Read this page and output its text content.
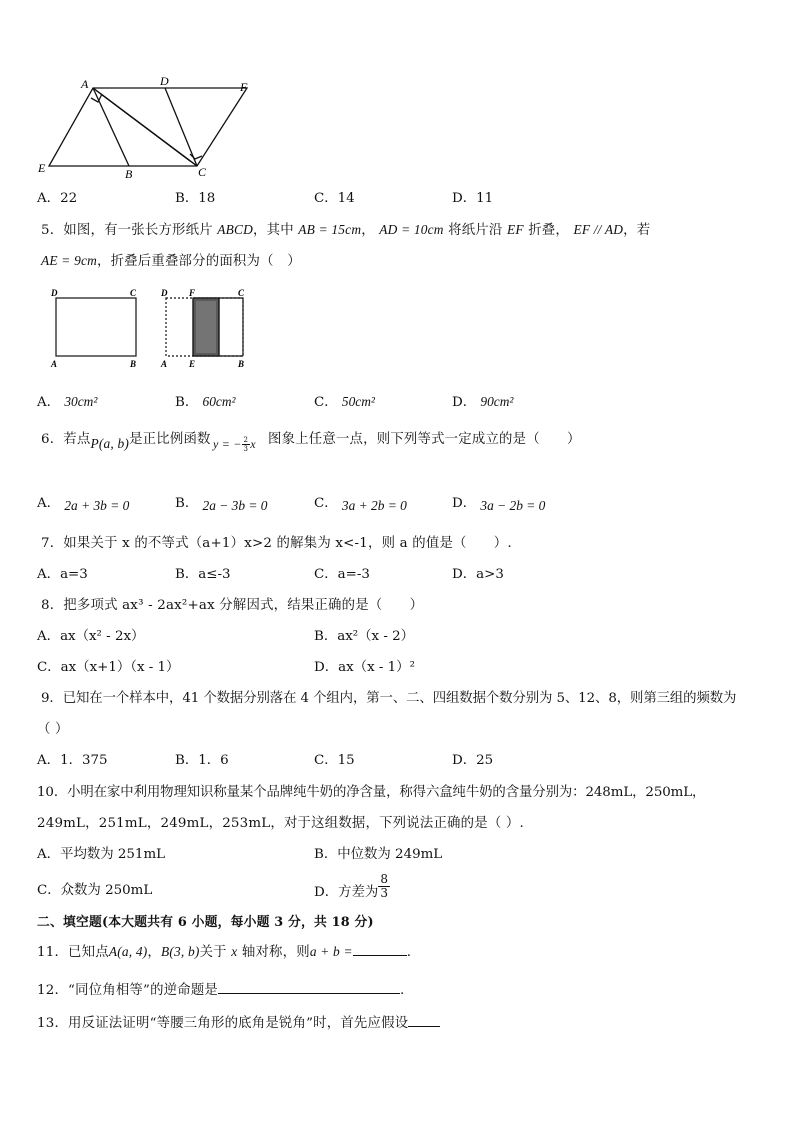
A	D	F
E	B	C
A．22	B．18	C．14	D．11
5．如图，有一张长方形纸片 ABCD，其中 AB = 15cm， AD = 10cm 将纸片沿 EF 折叠， EF // AD，若
AE = 9cm，折叠后重叠部分的面积为（　）
D	C
A	B
D F	C
A E	B
A． 30cm²	B． 60cm²	C． 50cm²	D． 90cm²
6．若点P(a, b)是正比例函数 y = − $\frac{2}{3}$ x 图象上任意一点，则下列等式一定成立的是（　　）
A． 2a + 3b = 0	B． 2a − 3b = 0	C． 3a + 2b = 0	D． 3a − 2b = 0
7．如果关于 x 的不等式（a+1）x>2 的解集为 x<-1，则 a 的值是（　　）.
A．a=3	B．a≤-3	C．a=-3	D．a>3
8．把多项式 ax³ - 2ax²+ax 分解因式，结果正确的是（　　）
A．ax（x² - 2x）	B．ax²（x - 2）
C．ax（x+1）（x - 1）	D．ax（x - 1）²
9．已知在一个样本中，41 个数据分别落在 4 个组内，第一、二、四组数据个数分别为 5、12、8，则第三组的频数为
（ ）
A．1．375	B．1．6	C．15	D．25
10．小明在家中利用物理知识称量某个品牌纯牛奶的净含量，称得六盒纯牛奶的含量分别为：248mL，250mL，
249mL，251mL，249mL，253mL，对于这组数据，下列说法正确的是（ ）.
A．平均数为 251mL	B．中位数为 249mL
C．众数为 250mL	D．方差为 $\frac{8}{3}$
二、填空题(本大题共有 6 小题，每小题 3 分，共 18 分)
11．已知点A(a, 4)，B(3, b)关于 x 轴对称，则a + b =	.
12．“同位角相等”的逆命题是	.
13．用反证法证明“等腰三角形的底角是锐角”时，首先应假设
